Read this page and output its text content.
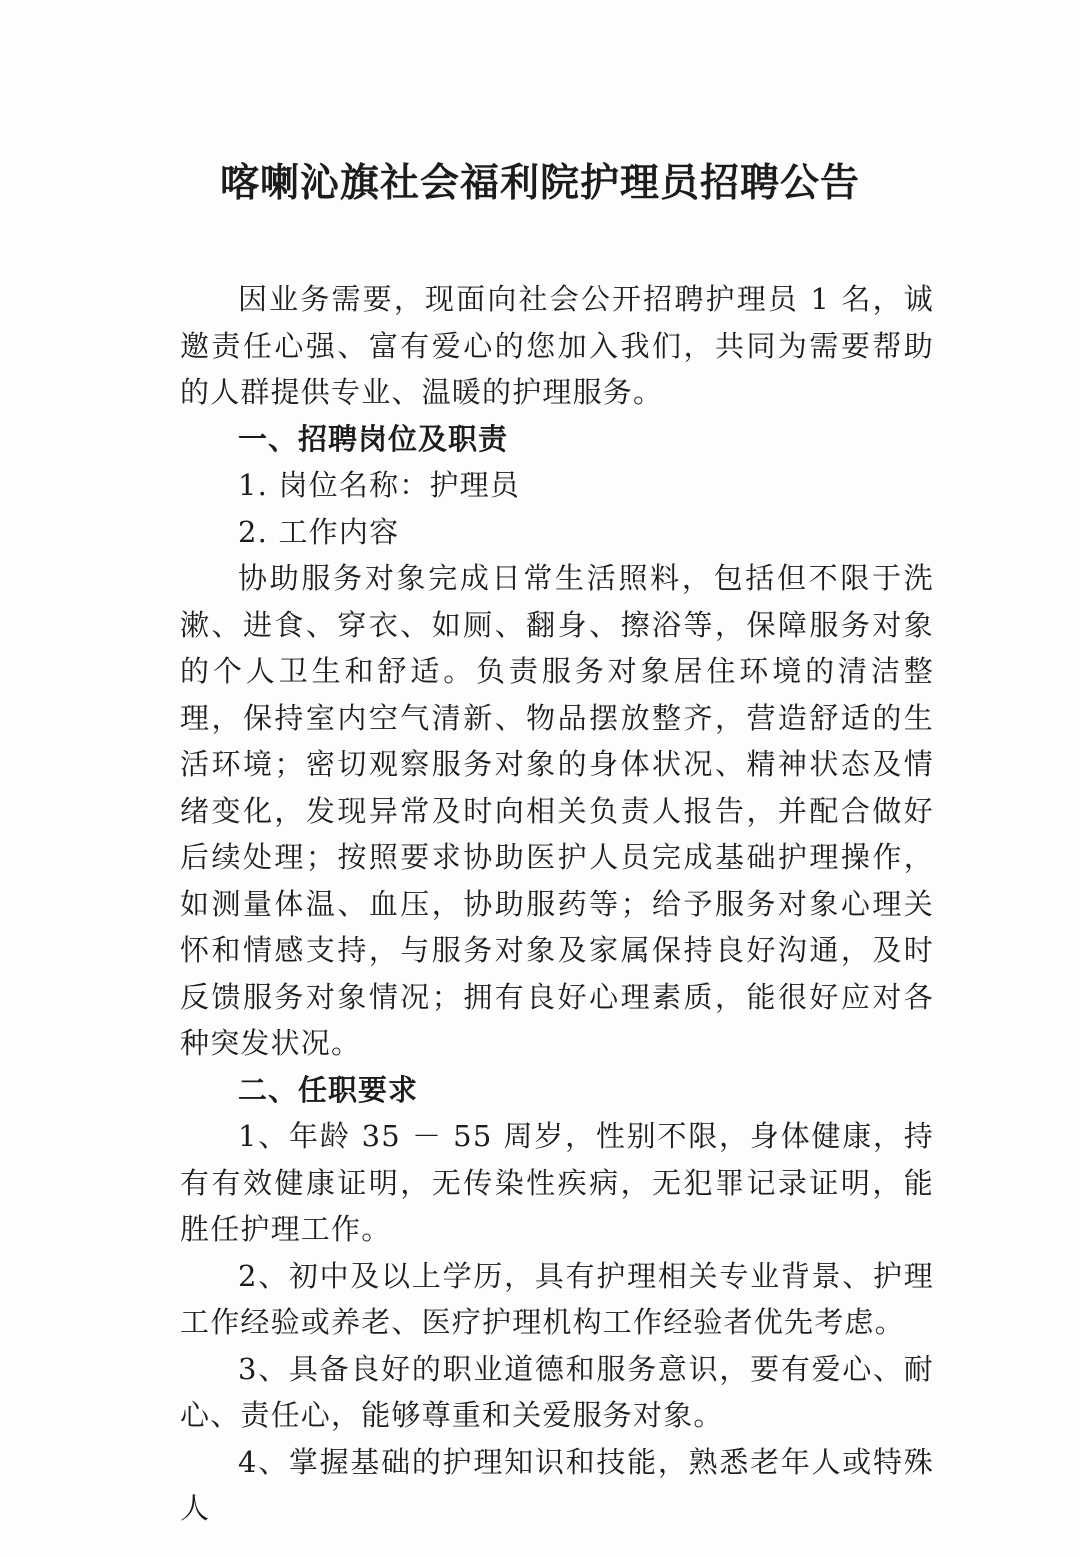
喀喇沁旗社会福利院护理员招聘公告

因业务需要，现面向社会公开招聘护理员 1 名，诚邀责任心强、富有爱心的您加入我们，共同为需要帮助的人群提供专业、温暖的护理服务。

一、招聘岗位及职责

1. 岗位名称：护理员

2. 工作内容

协助服务对象完成日常生活照料，包括但不限于洗漱、进食、穿衣、如厕、翻身、擦浴等，保障服务对象的个人卫生和舒适。负责服务对象居住环境的清洁整理，保持室内空气清新、物品摆放整齐，营造舒适的生活环境；密切观察服务对象的身体状况、精神状态及情绪变化，发现异常及时向相关负责人报告，并配合做好后续处理；按照要求协助医护人员完成基础护理操作，如测量体温、血压，协助服药等；给予服务对象心理关怀和情感支持，与服务对象及家属保持良好沟通，及时反馈服务对象情况；拥有良好心理素质，能很好应对各种突发状况。

二、任职要求

1、年龄 35 － 55 周岁，性别不限，身体健康，持有有效健康证明，无传染性疾病，无犯罪记录证明，能胜任护理工作。

2、初中及以上学历，具有护理相关专业背景、护理工作经验或养老、医疗护理机构工作经验者优先考虑。

3、具备良好的职业道德和服务意识，要有爱心、耐心、责任心，能够尊重和关爱服务对象。

4、掌握基础的护理知识和技能，熟悉老年人或特殊人
